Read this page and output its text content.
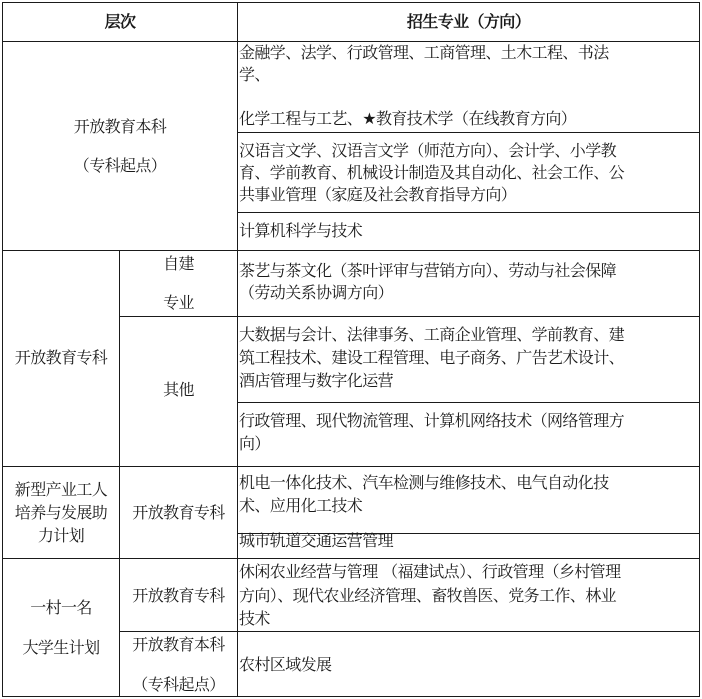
层次	招生专业（方向）
开放教育本科
（专科起点）
金融学、法学、行政管理、工商管理、土木工程、书法
学、
化学工程与工艺、★教育技术学（在线教育方向）
汉语言文学、汉语言文学（师范方向）、会计学、小学教
育、学前教育、机械设计制造及其自动化、社会工作、公
共事业管理（家庭及社会教育指导方向）
计算机科学与技术
开放教育专科
自建
专业
茶艺与茶文化（茶叶评审与营销方向）、劳动与社会保障
（劳动关系协调方向）
其他
大数据与会计、法律事务、工商企业管理、学前教育、建
筑工程技术、建设工程管理、电子商务、广告艺术设计、
酒店管理与数字化运营
行政管理、现代物流管理、计算机网络技术（网络管理方
向）
新型产业工人
培养与发展助
力计划
开放教育专科
机电一体化技术、汽车检测与维修技术、电气自动化技
术、应用化工技术
城市轨道交通运营管理
一村一名
大学生计划
开放教育专科
休闲农业经营与管理 （福建试点）、行政管理（乡村管理
方向）、现代农业经济管理、畜牧兽医、党务工作、林业
技术
开放教育本科
（专科起点）
农村区域发展
